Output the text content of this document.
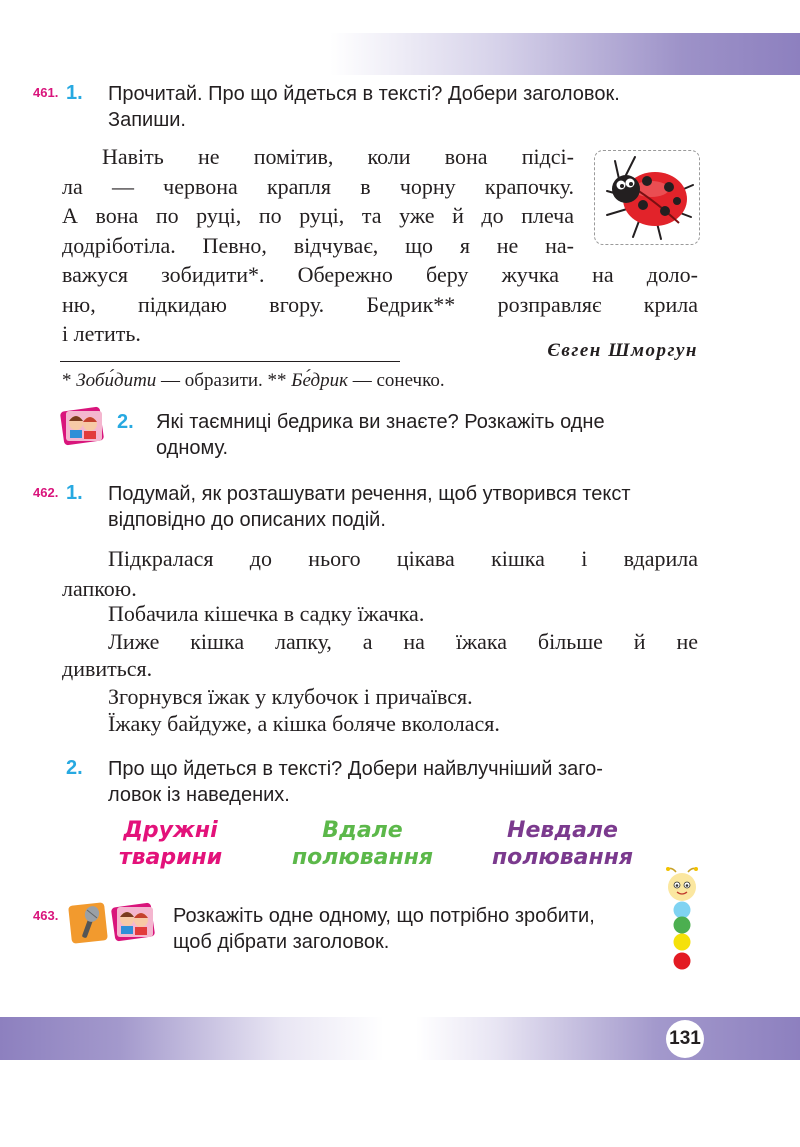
461. 1. Прочитай. Про що йдеться в тексті? Добери заголовок.
Запиши.
Навіть не помітив, коли вона підсі-
ла — червона крапля в чорну крапочку.
А вона по руці, по руці, та уже й до плеча
додріботіла. Певно, відчуває, що я не на-
важуся зобидити*. Обережно беру жучка на доло-
ню, підкидаю вгору. Бедрик** розправляє крила
і летить.
Євген Шморгун
* Зоби́дити — образити. ** Бе́дрик — сонечко.
2. Які таємниці бедрика ви знаєте? Розкажіть одне
одному.
462. 1. Подумай, як розташувати речення, щоб утворився текст
відповідно до описаних подій.
Підкралася до нього цікава кішка і вдарила
лапкою.
Побачила кішечка в садку їжачка.
Лиже кішка лапку, а на їжака більше й не
дивиться.
Згорнувся їжак у клубочок і причаївся.
Їжаку байдуже, а кішка боляче вкололася.
2. Про що йдеться в тексті? Добери найвлучніший заго-
ловок із наведених.
Дружні
тварини
Вдале
полювання
Невдале
полювання
463.	Розкажіть одне одному, що потрібно зробити,
щоб дібрати заголовок.
131
